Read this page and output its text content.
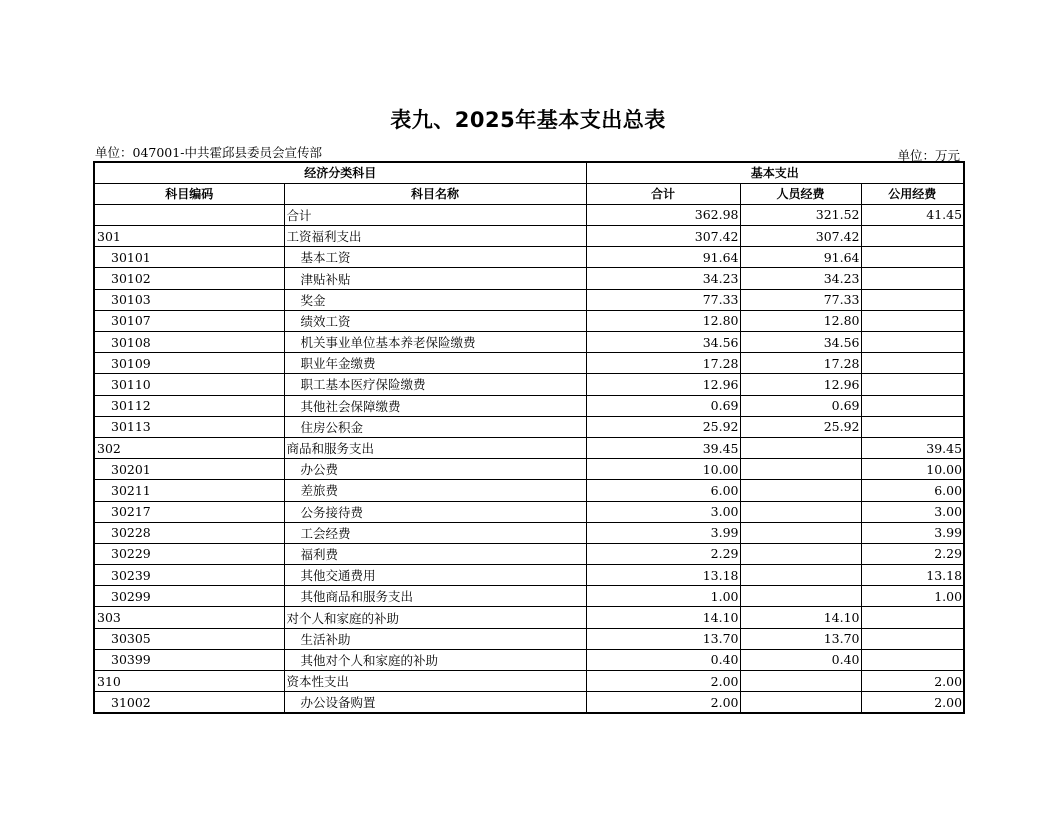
表九、2025年基本支出总表
单位：047001-中共霍邱县委员会宣传部	单位：万元
经济分类科目		基本支出		
科目编码	科目名称	合计	人员经费	公用经费
	合计	362.98	321.52	41.45
301	工资福利支出	307.42	307.42	
30101	基本工资	91.64	91.64	
30102	津贴补贴	34.23	34.23	
30103	奖金	77.33	77.33	
30107	绩效工资	12.80	12.80	
30108	机关事业单位基本养老保险缴费	34.56	34.56	
30109	职业年金缴费	17.28	17.28	
30110	职工基本医疗保险缴费	12.96	12.96	
30112	其他社会保障缴费	0.69	0.69	
30113	住房公积金	25.92	25.92	
302	商品和服务支出	39.45		39.45
30201	办公费	10.00		10.00
30211	差旅费	6.00		6.00
30217	公务接待费	3.00		3.00
30228	工会经费	3.99		3.99
30229	福利费	2.29		2.29
30239	其他交通费用	13.18		13.18
30299	其他商品和服务支出	1.00		1.00
303	对个人和家庭的补助	14.10	14.10	
30305	生活补助	13.70	13.70	
30399	其他对个人和家庭的补助	0.40	0.40	
310	资本性支出	2.00		2.00
31002	办公设备购置	2.00		2.00
